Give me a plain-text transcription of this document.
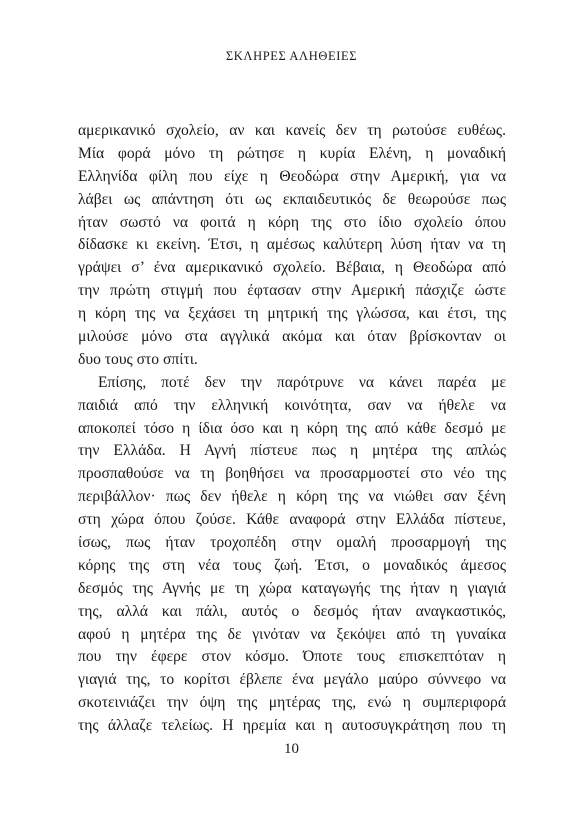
ΣΚΛΗΡΕΣ ΑΛΗΘΕΙΕΣ
αμερικανικό σχολείο, αν και κανείς δεν τη ρωτούσε ευθέως.
Μία φορά μόνο τη ρώτησε η κυρία Ελένη, η μοναδική
Ελληνίδα φίλη που είχε η Θεοδώρα στην Αμερική, για να
λάβει ως απάντηση ότι ως εκπαιδευτικός δε θεωρούσε πως
ήταν σωστό να φοιτά η κόρη της στο ίδιο σχολείο όπου
δίδασκε κι εκείνη. Έτσι, η αμέσως καλύτερη λύση ήταν να τη
γράψει σ’ ένα αμερικανικό σχολείο. Βέβαια, η Θεοδώρα από
την πρώτη στιγμή που έφτασαν στην Αμερική πάσχιζε ώστε
η κόρη της να ξεχάσει τη μητρική της γλώσσα, και έτσι, της
μιλούσε μόνο στα αγγλικά ακόμα και όταν βρίσκονταν οι
δυο τους στο σπίτι.
Επίσης, ποτέ δεν την παρότρυνε να κάνει παρέα με
παιδιά από την ελληνική κοινότητα, σαν να ήθελε να
αποκοπεί τόσο η ίδια όσο και η κόρη της από κάθε δεσμό με
την Ελλάδα. Η Αγνή πίστευε πως η μητέρα της απλώς
προσπαθούσε να τη βοηθήσει να προσαρμοστεί στο νέο της
περιβάλλον· πως δεν ήθελε η κόρη της να νιώθει σαν ξένη
στη χώρα όπου ζούσε. Κάθε αναφορά στην Ελλάδα πίστευε,
ίσως, πως ήταν τροχοπέδη στην ομαλή προσαρμογή της
κόρης της στη νέα τους ζωή. Έτσι, ο μοναδικός άμεσος
δεσμός της Αγνής με τη χώρα καταγωγής της ήταν η γιαγιά
της, αλλά και πάλι, αυτός ο δεσμός ήταν αναγκαστικός,
αφού η μητέρα της δε γινόταν να ξεκόψει από τη γυναίκα
που την έφερε στον κόσμο. Όποτε τους επισκεπτόταν η
γιαγιά της, το κορίτσι έβλεπε ένα μεγάλο μαύρο σύννεφο να
σκοτεινιάζει την όψη της μητέρας της, ενώ η συμπεριφορά
της άλλαζε τελείως. Η ηρεμία και η αυτοσυγκράτηση που τη
10
